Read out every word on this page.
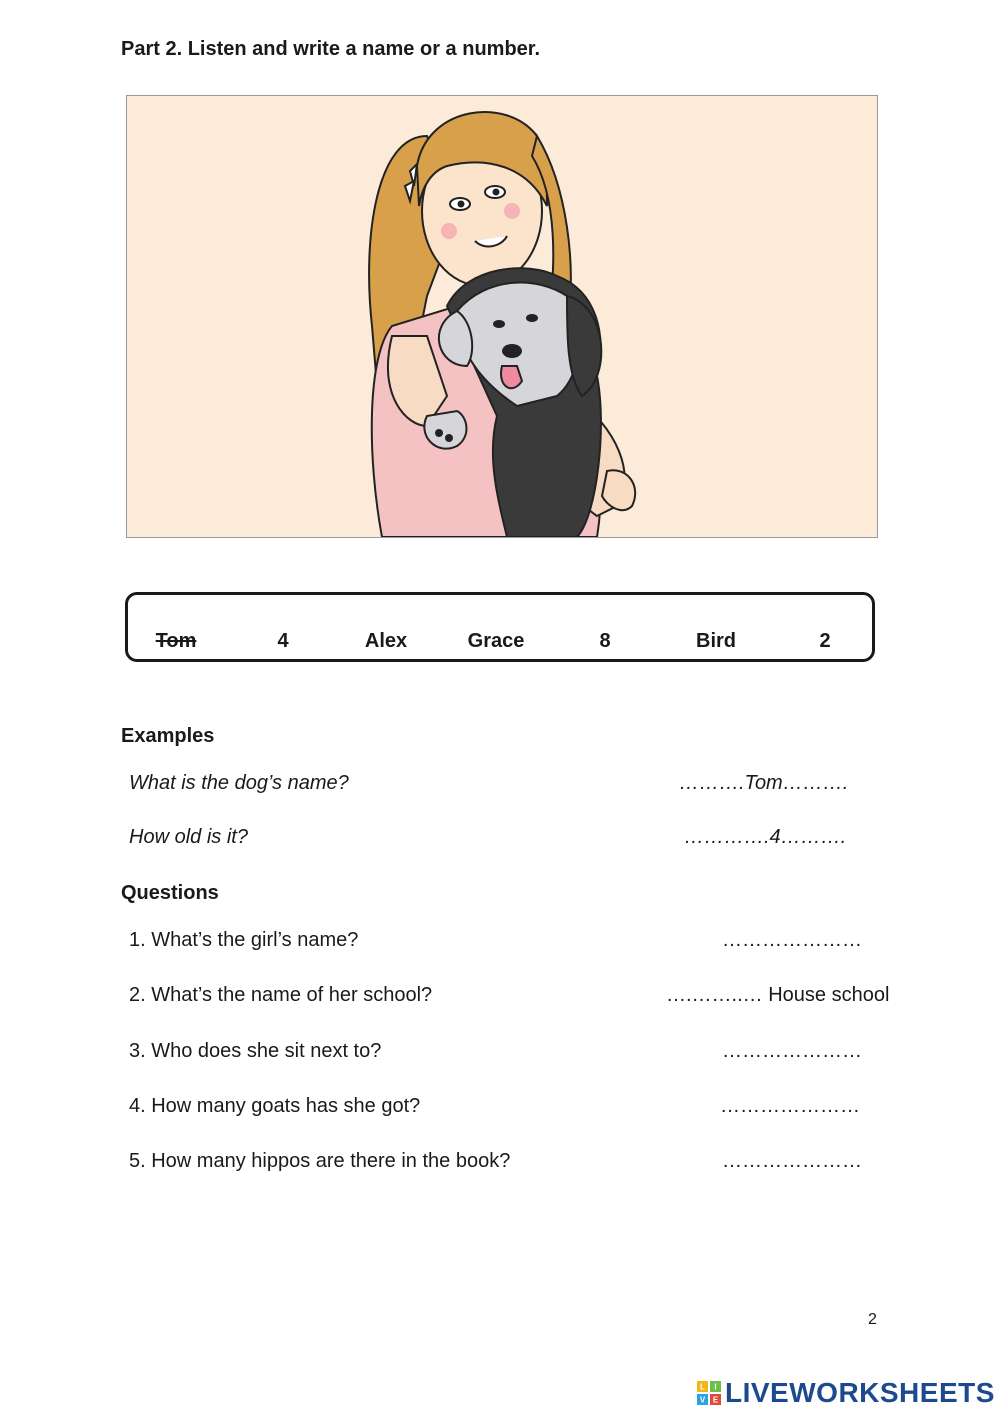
Part 2. Listen and write a name or a number.
Tom	4	Alex	Grace	8	Bird	2
Examples
What is the dog’s name?	……….Tom……….
How old is it?	………….4……….
Questions
1. What’s the girl’s name?	…………………
2. What’s the name of her school?	….……..… House school
3. Who does she sit next to?	…………………
4. How many goats has she got?	…………………
5. How many hippos are there in the book?	…………………
2
L I
V E LIVEWORKSHEETS
